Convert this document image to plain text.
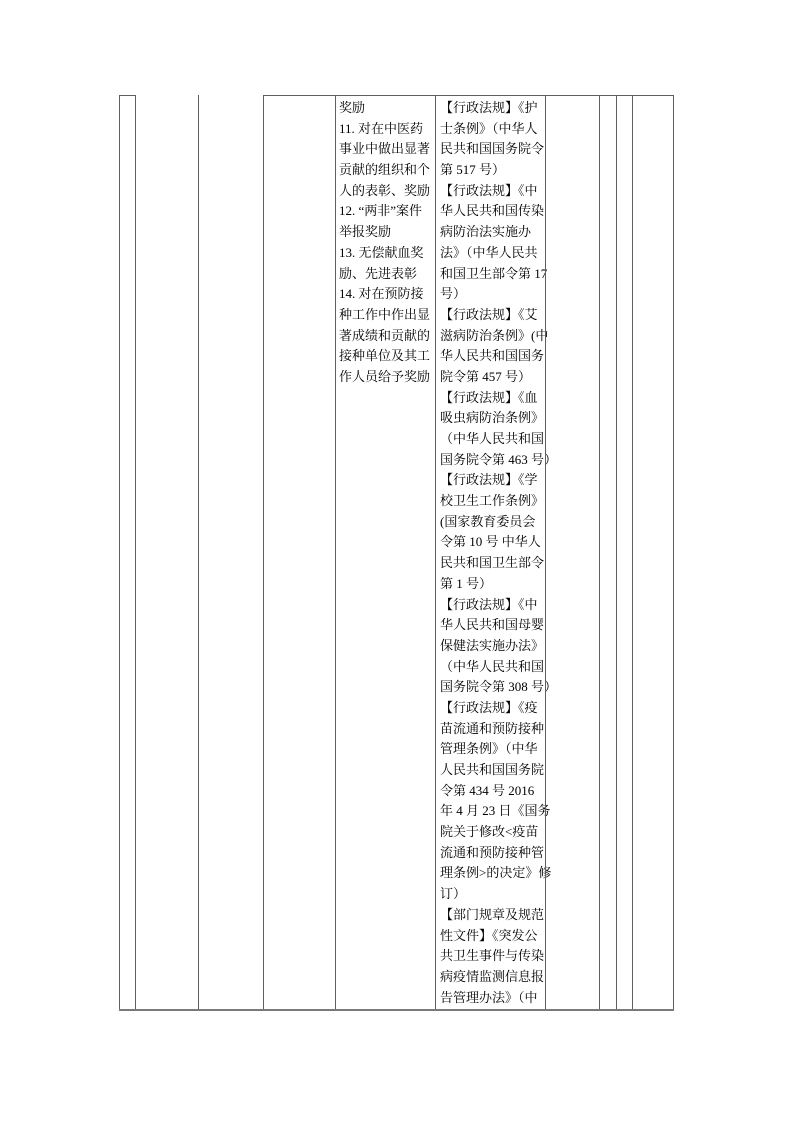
奖励
11. 对在中医药
事业中做出显著
贡献的组织和个
人的表彰、奖励
12. “两非”案件
举报奖励
13. 无偿献血奖
励、先进表彰
14. 对在预防接
种工作中作出显
著成绩和贡献的
接种单位及其工
作人员给予奖励
【行政法规】《护
士条例》（中华人
民共和国国务院令
第 517 号）
【行政法规】《中
华人民共和国传染
病防治法实施办
法》（中华人民共
和国卫生部令第 17
号）
【行政法规】《艾
滋病防治条例》(中
华人民共和国国务
院令第 457 号）
【行政法规】《血
吸虫病防治条例》
（中华人民共和国
国务院令第 463 号）
【行政法规】《学
校卫生工作条例》
(国家教育委员会
令第 10 号 中华人
民共和国卫生部令
第 1 号）
【行政法规】《中
华人民共和国母婴
保健法实施办法》
（中华人民共和国
国务院令第 308 号）
【行政法规】《疫
苗流通和预防接种
管理条例》（中华
人民共和国国务院
令第 434 号 2016
年 4 月 23 日《国务
院关于修改<疫苗
流通和预防接种管
理条例>的决定》修
订）
【部门规章及规范
性文件】《突发公
共卫生事件与传染
病疫情监测信息报
告管理办法》（中
